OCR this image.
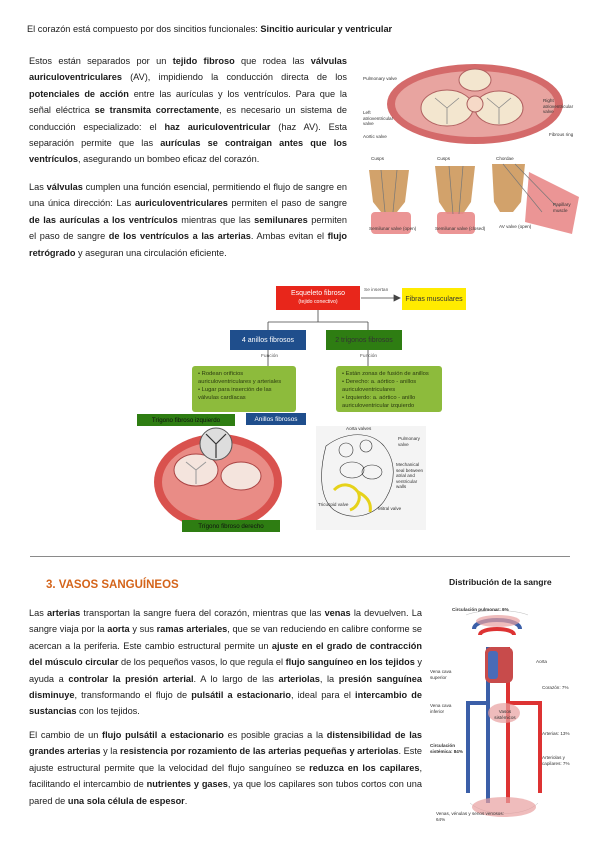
El corazón está compuesto por dos sincitios funcionales: Sincitio auricular y ventricular

Estos están separados por un tejido fibroso que rodea las válvulas auriculoventriculares (AV), impidiendo la conducción directa de los potenciales de acción entre las aurículas y los ventrículos. Para que la señal eléctrica se transmita correctamente, es necesario un sistema de conducción especializado: el haz auriculoventricular (haz AV). Esta separación permite que las aurículas se contraigan antes que los ventrículos, asegurando un bombeo eficaz del corazón.

Las válvulas cumplen una función esencial, permitiendo el flujo de sangre en una única dirección: Las auriculoventriculares permiten el paso de sangre de las aurículas a los ventrículos mientras que las semilunares permiten el paso de sangre de los ventrículos a las arterias. Ambas evitan el flujo retrógrado y aseguran una circulación eficiente.

Pulmonary valve
Left atrioventricular valve
Aortic valve
Right atrioventricular valve
Fibrous ring
Cusps	Cusps	Chordae
Semilunar valve (open)	Semilunar valve (closed)	AV valve (open)
Papillary muscle
Esqueleto fibroso
(tejido conectivo)
Se insertan
Fibras musculares
4 anillos fibrosos	2 trígonos fibrosos
Función	Función
• Rodean orificios auriculoventriculares y arteriales
• Lugar para inserción de las válvulas cardíacas
• Están zonas de fusión de anillos
• Derecho: a. aórtico - anillos auriculoventriculares
• Izquierdo: a. aórtico - anillo auriculoventricular izquierdo
Trígono fibroso izquierdo	Anillos fibrosos
Trígono fibroso derecho
Aorta valves
Pulmonary valve
Mechanical seal between atrial and ventricular walls
Tricuspid valve
Mitral valve
3. VASOS SANGUÍNEOS	Distribución de la sangre

Las arterias transportan la sangre fuera del corazón, mientras que las venas la devuelven. La sangre viaja por la aorta y sus ramas arteriales, que se van reduciendo en calibre conforme se acercan a la periferia. Este cambio estructural permite un ajuste en el grado de contracción del músculo circular de los pequeños vasos, lo que regula el flujo sanguíneo en los tejidos y ayuda a controlar la presión arterial. A lo largo de las arteriolas, la presión sanguínea disminuye, transformando el flujo de pulsátil a estacionario, ideal para el intercambio de sustancias con los tejidos.

El cambio de un flujo pulsátil a estacionario es posible gracias a la distensibilidad de las grandes arterias y la resistencia por rozamiento de las arterias pequeñas y arteriolas. Este ajuste estructural permite que la velocidad del flujo sanguíneo se reduzca en los capilares, facilitando el intercambio de nutrientes y gases, ya que los capilares son tubos cortos con una pared de una sola célula de espesor.

Circulación pulmonar: 9%
Aorta
Vena cava superior
Corazón: 7%
Vena cava inferior	Vasos sistémicos
Circulación sistémica: 84%
Arterias: 13%
Arteriolas y capilares: 7%
Venas, vénulas y senos venosos: 64%
